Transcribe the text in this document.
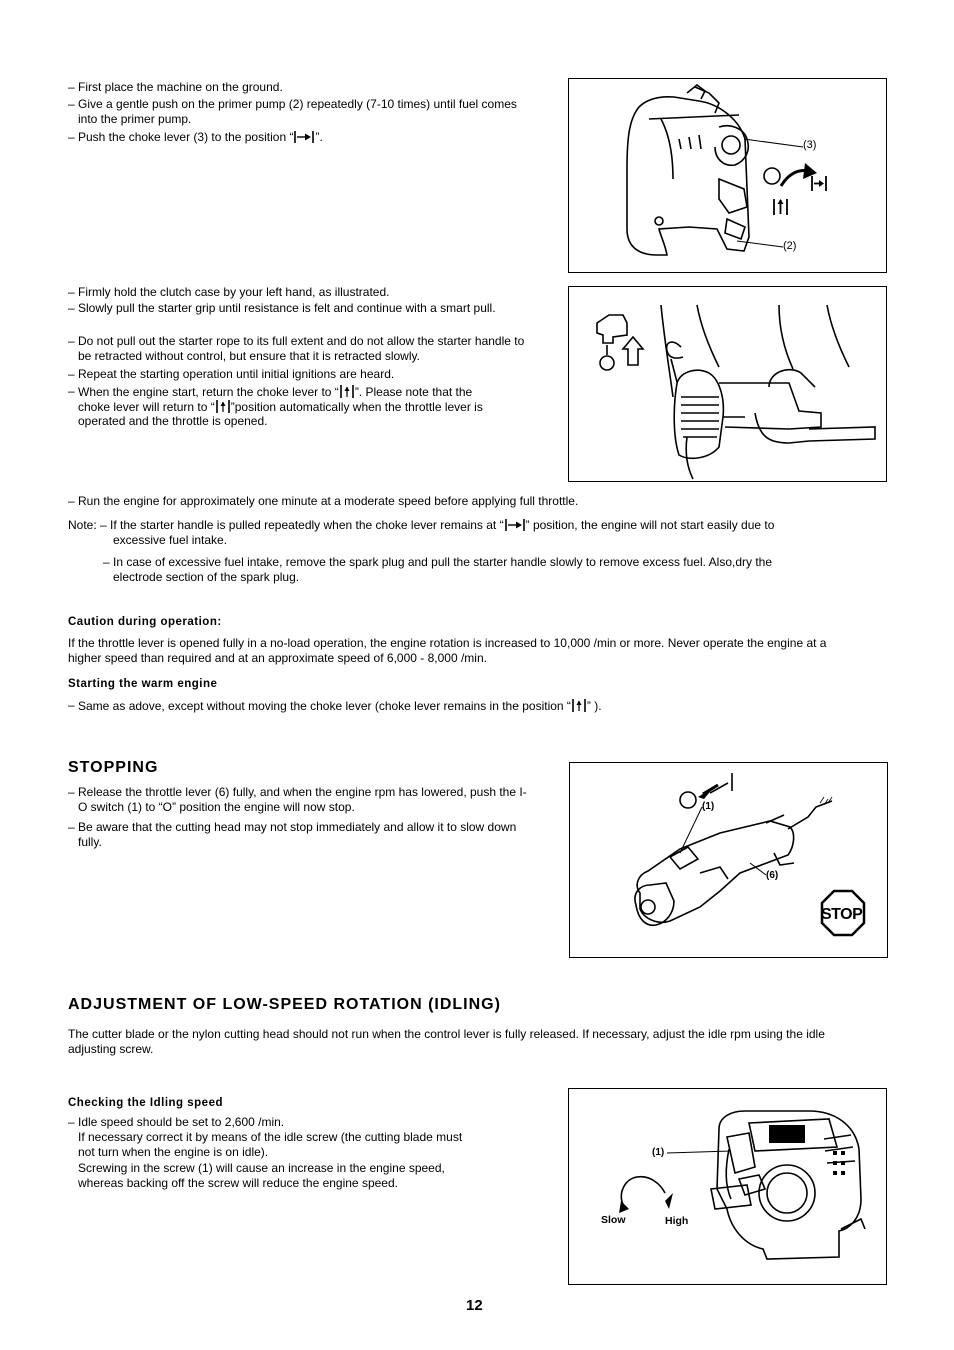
– First place the machine on the ground.
– Give a gentle push on the primer pump (2) repeatedly (7-10 times) until fuel comes into the primer pump.
– Push the choke lever (3) to the position “ ”.
(3)
(2)
– Firmly hold the clutch case by your left hand, as illustrated.
– Slowly pull the starter grip until resistance is felt and continue with a smart pull.
– Do not pull out the starter rope to its full extent and do not allow the starter handle to be retracted without control, but ensure that it is retracted slowly.
– Repeat the starting operation until initial ignitions are heard.
– When the engine start, return the choke lever to “ ”. Please note that the
choke lever will return to “ ”position automatically when the throttle lever is
operated and the throttle is opened.
– Run the engine for approximately one minute at a moderate speed before applying full throttle.
Note: – If the starter handle is pulled repeatedly when the choke lever remains at “ ” position, the engine will not start easily due to
excessive fuel intake.
– In case of excessive fuel intake, remove the spark plug and pull the starter handle slowly to remove excess fuel. Also,dry the
electrode section of the spark plug.
Caution during operation:
If the throttle lever is opened fully in a no-load operation, the engine rotation is increased to 10,000 /min or more. Never operate the engine at a
higher speed than required and at an approximate speed of 6,000 - 8,000 /min.
Starting the warm engine
– Same as adove, except without moving the choke lever (choke lever remains in the position “ ” ).
STOPPING
– Release the throttle lever (6) fully, and when the engine rpm has lowered, push the I-O switch (1) to “O” position the engine will now stop.
– Be aware that the cutting head may not stop immediately and allow it to slow down fully.
(1)
(6)
STOP
ADJUSTMENT OF LOW-SPEED ROTATION (IDLING)
The cutter blade or the nylon cutting head should not run when the control lever is fully released. If necessary, adjust the idle rpm using the idle
adjusting screw.
Checking the Idling speed
– Idle speed should be set to 2,600 /min.
If necessary correct it by means of the idle screw (the cutting blade must
not turn when the engine is on idle).
Screwing in the screw (1) will cause an increase in the engine speed,
whereas backing off the screw will reduce the engine speed.
(1)
Slow	High
12
